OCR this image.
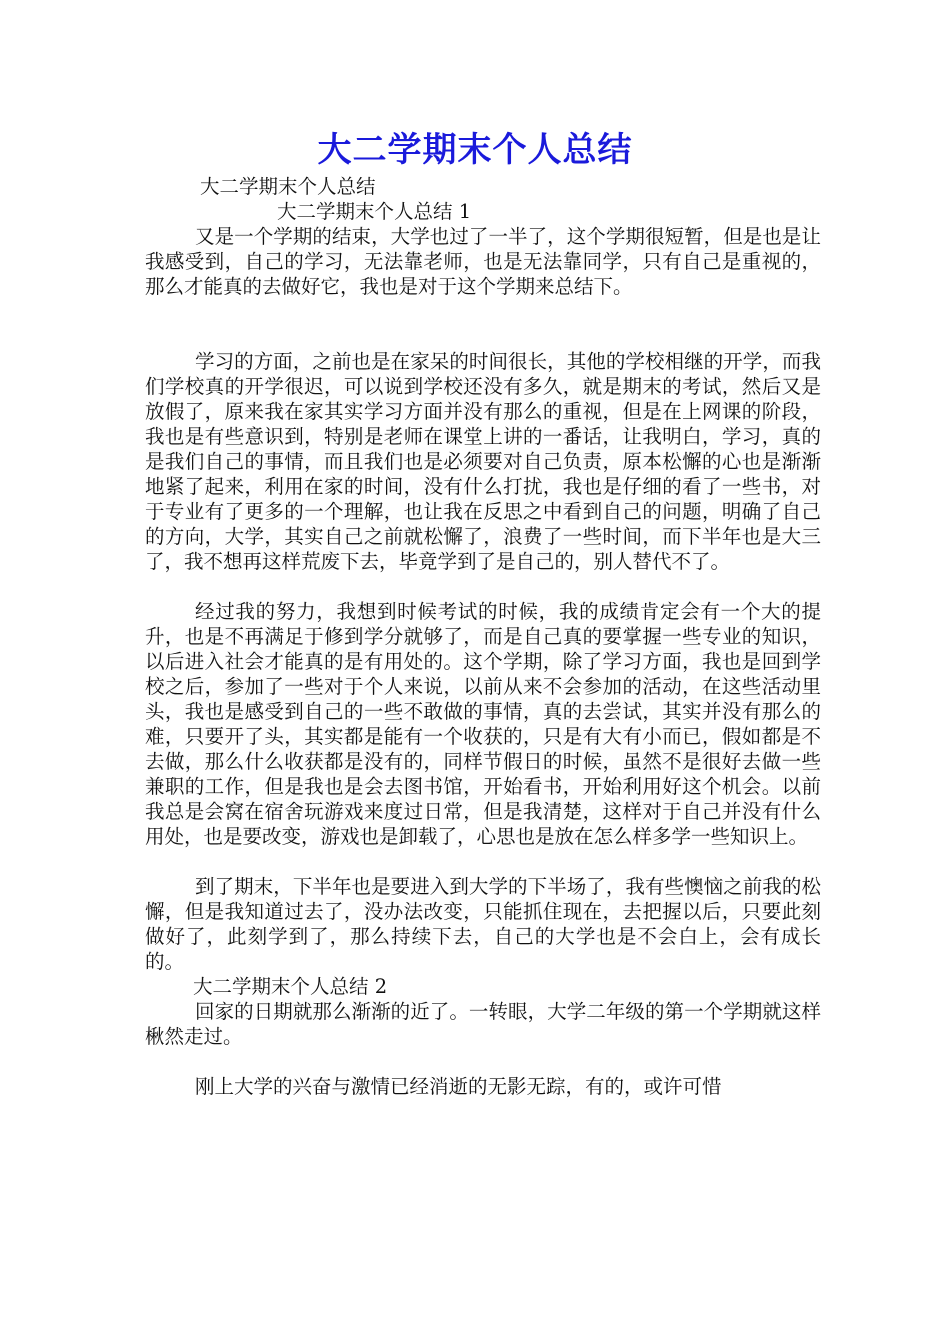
大二学期末个人总结

大二学期末个人总结

大二学期末个人总结 1

又是一个学期的结束，大学也过了一半了，这个学期很短暂，但是也是让我感受到，自己的学习，无法靠老师，也是无法靠同学，只有自己是重视的，那么才能真的去做好它，我也是对于这个学期来总结下。

学习的方面，之前也是在家呆的时间很长，其他的学校相继的开学，而我们学校真的开学很迟，可以说到学校还没有多久，就是期末的考试，然后又是放假了，原来我在家其实学习方面并没有那么的重视，但是在上网课的阶段，我也是有些意识到，特别是老师在课堂上讲的一番话，让我明白，学习，真的是我们自己的事情，而且我们也是必须要对自己负责，原本松懈的心也是渐渐地紧了起来，利用在家的时间，没有什么打扰，我也是仔细的看了一些书，对于专业有了更多的一个理解，也让我在反思之中看到自己的问题，明确了自己的方向，大学，其实自己之前就松懈了，浪费了一些时间，而下半年也是大三了，我不想再这样荒废下去，毕竟学到了是自己的，别人替代不了。

经过我的努力，我想到时候考试的时候，我的成绩肯定会有一个大的提升，也是不再满足于修到学分就够了，而是自己真的要掌握一些专业的知识，以后进入社会才能真的是有用处的。这个学期，除了学习方面，我也是回到学校之后，参加了一些对于个人来说，以前从来不会参加的活动，在这些活动里头，我也是感受到自己的一些不敢做的事情，真的去尝试，其实并没有那么的难，只要开了头，其实都是能有一个收获的，只是有大有小而已，假如都是不去做，那么什么收获都是没有的，同样节假日的时候，虽然不是很好去做一些兼职的工作，但是我也是会去图书馆，开始看书，开始利用好这个机会。以前我总是会窝在宿舍玩游戏来度过日常，但是我清楚，这样对于自己并没有什么用处，也是要改变，游戏也是卸载了，心思也是放在怎么样多学一些知识上。

到了期末，下半年也是要进入到大学的下半场了，我有些懊恼之前我的松懈，但是我知道过去了，没办法改变，只能抓住现在，去把握以后，只要此刻做好了，此刻学到了，那么持续下去，自己的大学也是不会白上，会有成长的。

大二学期末个人总结 2

回家的日期就那么渐渐的近了。一转眼，大学二年级的第一个学期就这样楸然走过。

刚上大学的兴奋与激情已经消逝的无影无踪，有的，或许可惜
